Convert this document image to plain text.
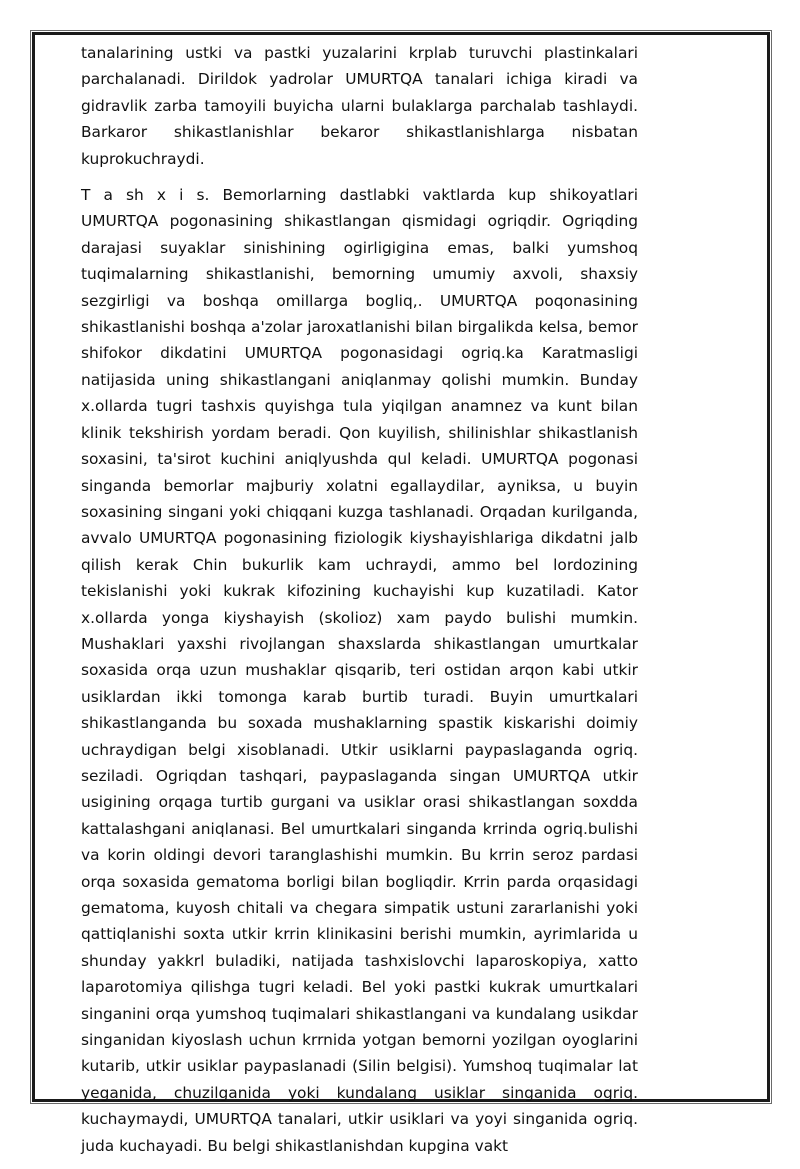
tanalarining ustki va pastki yuzalarini krplab turuvchi plastinkalari parchalanadi. Dirildok yadrolar UMURTQA tanalari ichiga kiradi va gidravlik zarba tamoyili buyicha ularni bulaklarga parchalab tashlaydi. Barkaror shikastlanishlar bekaror shikastlanishlarga nisbatan kuprokuchraydi.

T a sh x i s. Bemorlarning dastlabki vaktlarda kup shikoyatlari UMURTQA pogonasining shikastlangan qismidagi ogriqdir. Ogriqding darajasi suyaklar sinishining ogirligigina emas, balki yumshoq tuqimalarning shikastlanishi, bemorning umumiy axvoli, shaxsiy sezgirligi va boshqa omillarga bogliq,. UMURTQA poqonasining shikastlanishi boshqa a'zolar jaroxatlanishi bilan birgalikda kelsa, bemor shifokor dikdatini UMURTQA pogonasidagi ogriq.ka Karatmasligi natijasida uning shikastlangani aniqlanmay qolishi mumkin. Bunday x.ollarda tugri tashxis quyishga tula yiqilgan anamnez va kunt bilan klinik tekshirish yordam beradi. Qon kuyilish, shilinishlar shikastlanish soxasini, ta'sirot kuchini aniqlyushda qul keladi. UMURTQA pogonasi singanda bemorlar majburiy xolatni egallaydilar, ayniksa, u buyin soxasining singani yoki chiqqani kuzga tashlanadi. Orqadan kurilganda, avvalo UMURTQA pogonasining fiziologik kiyshayishlariga dikdatni jalb qilish kerak Chin bukurlik kam uchraydi, ammo bel lordozining tekislanishi yoki kukrak kifozining kuchayishi kup kuzatiladi. Kator x.ollarda yonga kiyshayish (skolioz) xam paydo bulishi mumkin. Mushaklari yaxshi rivojlangan shaxslarda shikastlangan umurtkalar soxasida orqa uzun mushaklar qisqarib, teri ostidan arqon kabi utkir usiklardan ikki tomonga karab burtib turadi. Buyin umurtkalari shikastlanganda bu soxada mushaklarning spastik kiskarishi doimiy uchraydigan belgi xisoblanadi. Utkir usiklarni paypaslaganda ogriq. seziladi. Ogriqdan tashqari, paypaslaganda singan UMURTQA utkir usigining orqaga turtib gurgani va usiklar orasi shikastlangan soxdda kattalashgani aniqlanasi. Bel umurtkalari singanda krrinda ogriq.bulishi va korin oldingi devori taranglashishi mumkin. Bu krrin seroz pardasi orqa soxasida gematoma borligi bilan bogliqdir. Krrin parda orqasidagi gematoma, kuyosh chitali va chegara simpatik ustuni zararlanishi yoki qattiqlanishi soxta utkir krrin klinikasini berishi mumkin, ayrimlarida u shunday yakkrl buladiki, natijada tashxislovchi laparoskopiya, xatto laparotomiya qilishga tugri keladi. Bel yoki pastki kukrak umurtkalari singanini orqa yumshoq tuqimalari shikastlangani va kundalang usikdar singanidan kiyoslash uchun krrnida yotgan bemorni yozilgan oyoglarini kutarib, utkir usiklar paypaslanadi (Silin belgisi). Yumshoq tuqimalar lat yeganida, chuzilganida yoki kundalang usiklar singanida ogriq. kuchaymaydi, UMURTQA tanalari, utkir usiklari va yoyi singanida ogriq. juda kuchayadi. Bu belgi shikastlanishdan kupgina vakt
